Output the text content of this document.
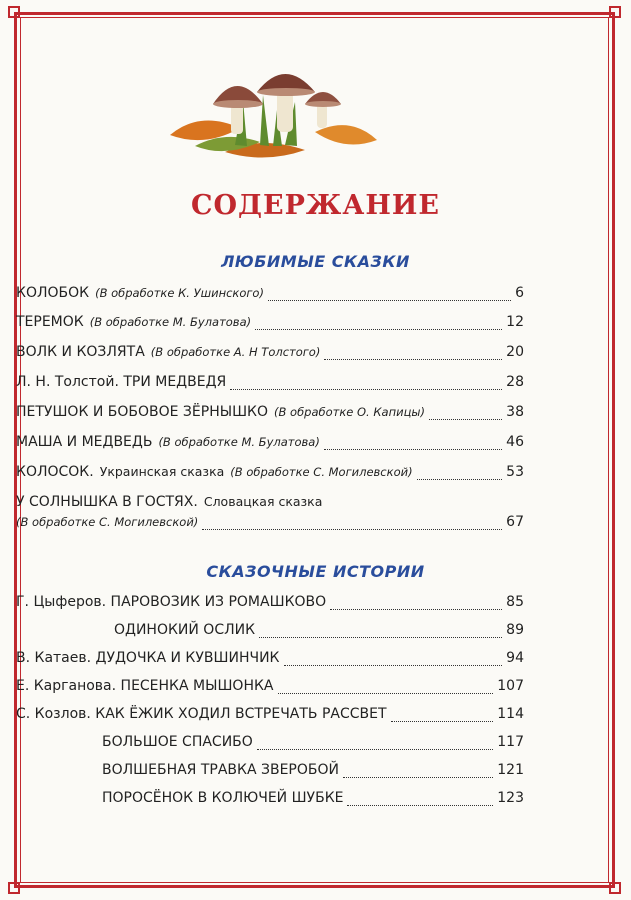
СОДЕРЖАНИЕ
ЛЮБИМЫЕ СКАЗКИ
КОЛОБОК (В обработке К. Ушинского)	6
ТЕРЕМОК (В обработке М. Булатова)	12
ВОЛК И КОЗЛЯТА (В обработке А. Н Толстого)	20
Л. Н. Толстой. ТРИ МЕДВЕДЯ	28
ПЕТУШОК И БОБОВОЕ ЗЁРНЫШКО (В обработке О. Капицы)	38
МАША И МЕДВЕДЬ (В обработке М. Булатова)	46
КОЛОСОК. Украинская сказка (В обработке С. Могилевской)	53
У СОЛНЫШКА В ГОСТЯХ. Словацкая сказка
(В обработке С. Могилевской)	67
СКАЗОЧНЫЕ ИСТОРИИ
Г. Цыферов. ПАРОВОЗИК ИЗ РОМАШКОВО	85
ОДИНОКИЙ ОСЛИК	89
В. Катаев. ДУДОЧКА И КУВШИНЧИК	94
Е. Карганова. ПЕСЕНКА МЫШОНКА	107
С. Козлов. КАК ЁЖИК ХОДИЛ ВСТРЕЧАТЬ РАССВЕТ	114
БОЛЬШОЕ СПАСИБО	117
ВОЛШЕБНАЯ ТРАВКА ЗВЕРОБОЙ	121
ПОРОСЁНОК В КОЛЮЧЕЙ ШУБКЕ	123
